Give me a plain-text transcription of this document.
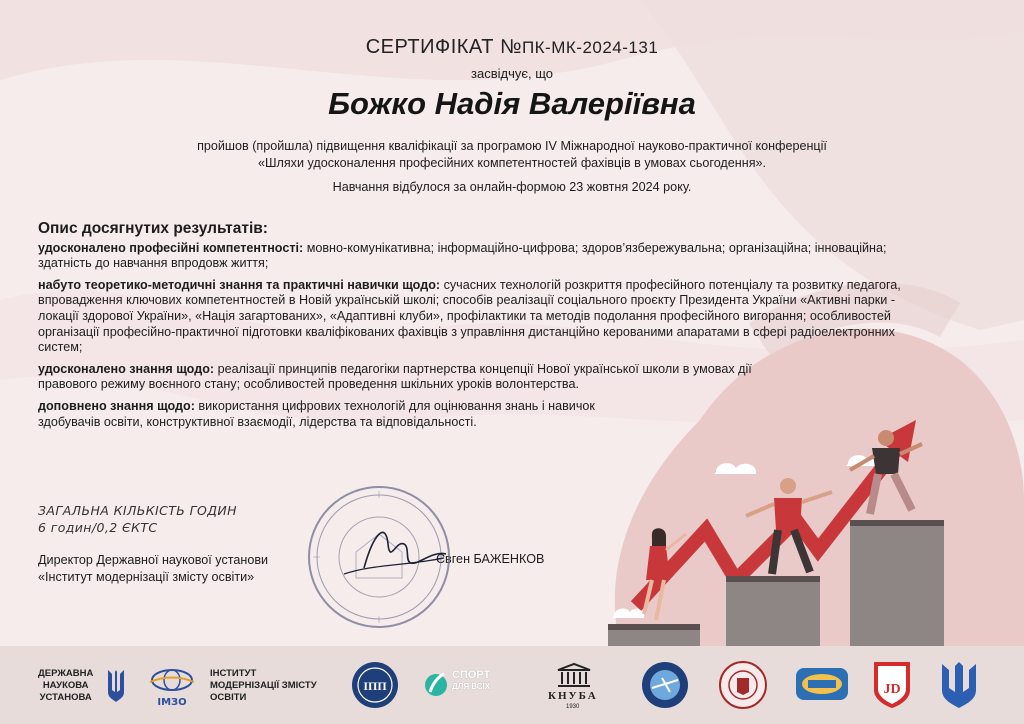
СЕРТИФІКАТ №ПК-МК-2024-131
засвідчує, що
Божко Надія Валеріївна
пройшов (пройшла) підвищення кваліфікації за програмою ІV Міжнародної науково-практичної конференції
«Шляхи удосконалення професійних компетентностей фахівців в умовах сьогодення».
Навчання відбулося за онлайн-формою 23 жовтня 2024 року.
Опис досягнутих результатів:

удосконалено професійні компетентності: мовно-комунікативна; інформаційно-цифрова; здоров’язбережувальна; організаційна; інноваційна; здатність до навчання впродовж життя;

набуто теоретико-методичні знання та практичні навички щодо: сучасних технологій розкриття професійного потенціалу та розвитку педагога, впровадження ключових компетентностей в Новій українській школі; способів реалізації соціального проєкту Президента України «Активні парки - локації здорової України», «Нація загартованих», «Адаптивні клуби», профілактики та методів подолання професійного вигорання; особливостей організації професійно-практичної підготовки кваліфікованих фахівців з управління дистанційно керованими апаратами в сфері радіоелектронних систем;

удосконалено знання щодо: реалізації принципів педагогіки партнерства концепції Нової української школи в умовах дії правового режиму воєнного стану; особливостей проведення шкільних уроків волонтерства.

доповнено знання щодо: використання цифрових технологій для оцінювання знань і навичок здобувачів освіти, конструктивної взаємодії, лідерства та відповідальності.

ЗАГАЛЬНА КІЛЬКІСТЬ ГОДИН
6 годин/0,2 ЄКТС
Директор Державної наукової установи
«Інститут модернізації змісту освіти»
Євген БАЖЕНКОВ
ДЕРЖАВНА
НАУКОВА
УСТАНОВА	ІМЗО
ІНСТИТУТ
МОДЕРНІЗАЦІЇ ЗМІСТУ
ОСВІТИ
ІПП
СПОРТ
ДЛЯ ВСІХ
КНУБА
1930
JD
